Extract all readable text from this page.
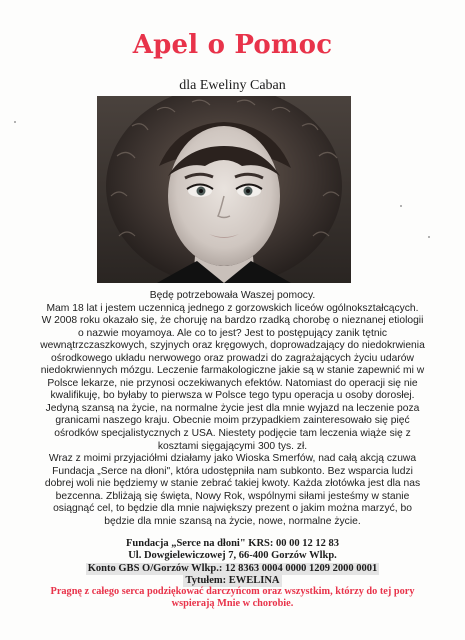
Apel o Pomoc
dla Eweliny Caban
Będę potrzebowała Waszej pomocy.
Mam 18 lat i jestem uczennicą jednego z gorzowskich liceów ogólnokształcących.
W 2008 roku okazało się, że choruję na bardzo rzadką chorobę o nieznanej etiologii
o nazwie moyamoya. Ale co to jest? Jest to postępujący zanik tętnic
wewnątrzczaszkowych, szyjnych oraz kręgowych, doprowadzający do niedokrwienia
ośrodkowego układu nerwowego oraz prowadzi do zagrażających życiu udarów
niedokrwiennych mózgu. Leczenie farmakologiczne jakie są w stanie zapewnić mi w
Polsce lekarze, nie przynosi oczekiwanych efektów. Natomiast do operacji się nie
kwalifikuję, bo byłaby to pierwsza w Polsce tego typu operacja u osoby dorosłej.
Jedyną szansą na życie, na normalne życie jest dla mnie wyjazd na leczenie poza
granicami naszego kraju. Obecnie moim przypadkiem zainteresowało się pięć
ośrodków specjalistycznych z USA. Niestety podjęcie tam leczenia wiąże się z
kosztami sięgającymi 300 tys. zł.
Wraz z moimi przyjaciółmi działamy jako Wioska Smerfów, nad całą akcją czuwa
Fundacja „Serce na dłoni", która udostępniła nam subkonto. Bez wsparcia ludzi
dobrej woli nie będziemy w stanie zebrać takiej kwoty. Każda złotówka jest dla nas
bezcenna. Zbliżają się święta, Nowy Rok, wspólnymi siłami jesteśmy w stanie
osiągnąć cel, to będzie dla mnie największy prezent o jakim można marzyć, bo
będzie dla mnie szansą na życie, nowe, normalne życie.
Fundacja „Serce na dłoni" KRS: 00 00 12 12 83
Ul. Dowgielewiczowej 7, 66-400 Gorzów Wlkp.
Konto GBS O/Gorzów Wlkp.: 12 8363 0004 0000 1209 2000 0001
Tytułem: EWELINA
Pragnę z całego serca podziękować darczyńcom oraz wszystkim, którzy do tej pory
wspierają Mnie w chorobie.
